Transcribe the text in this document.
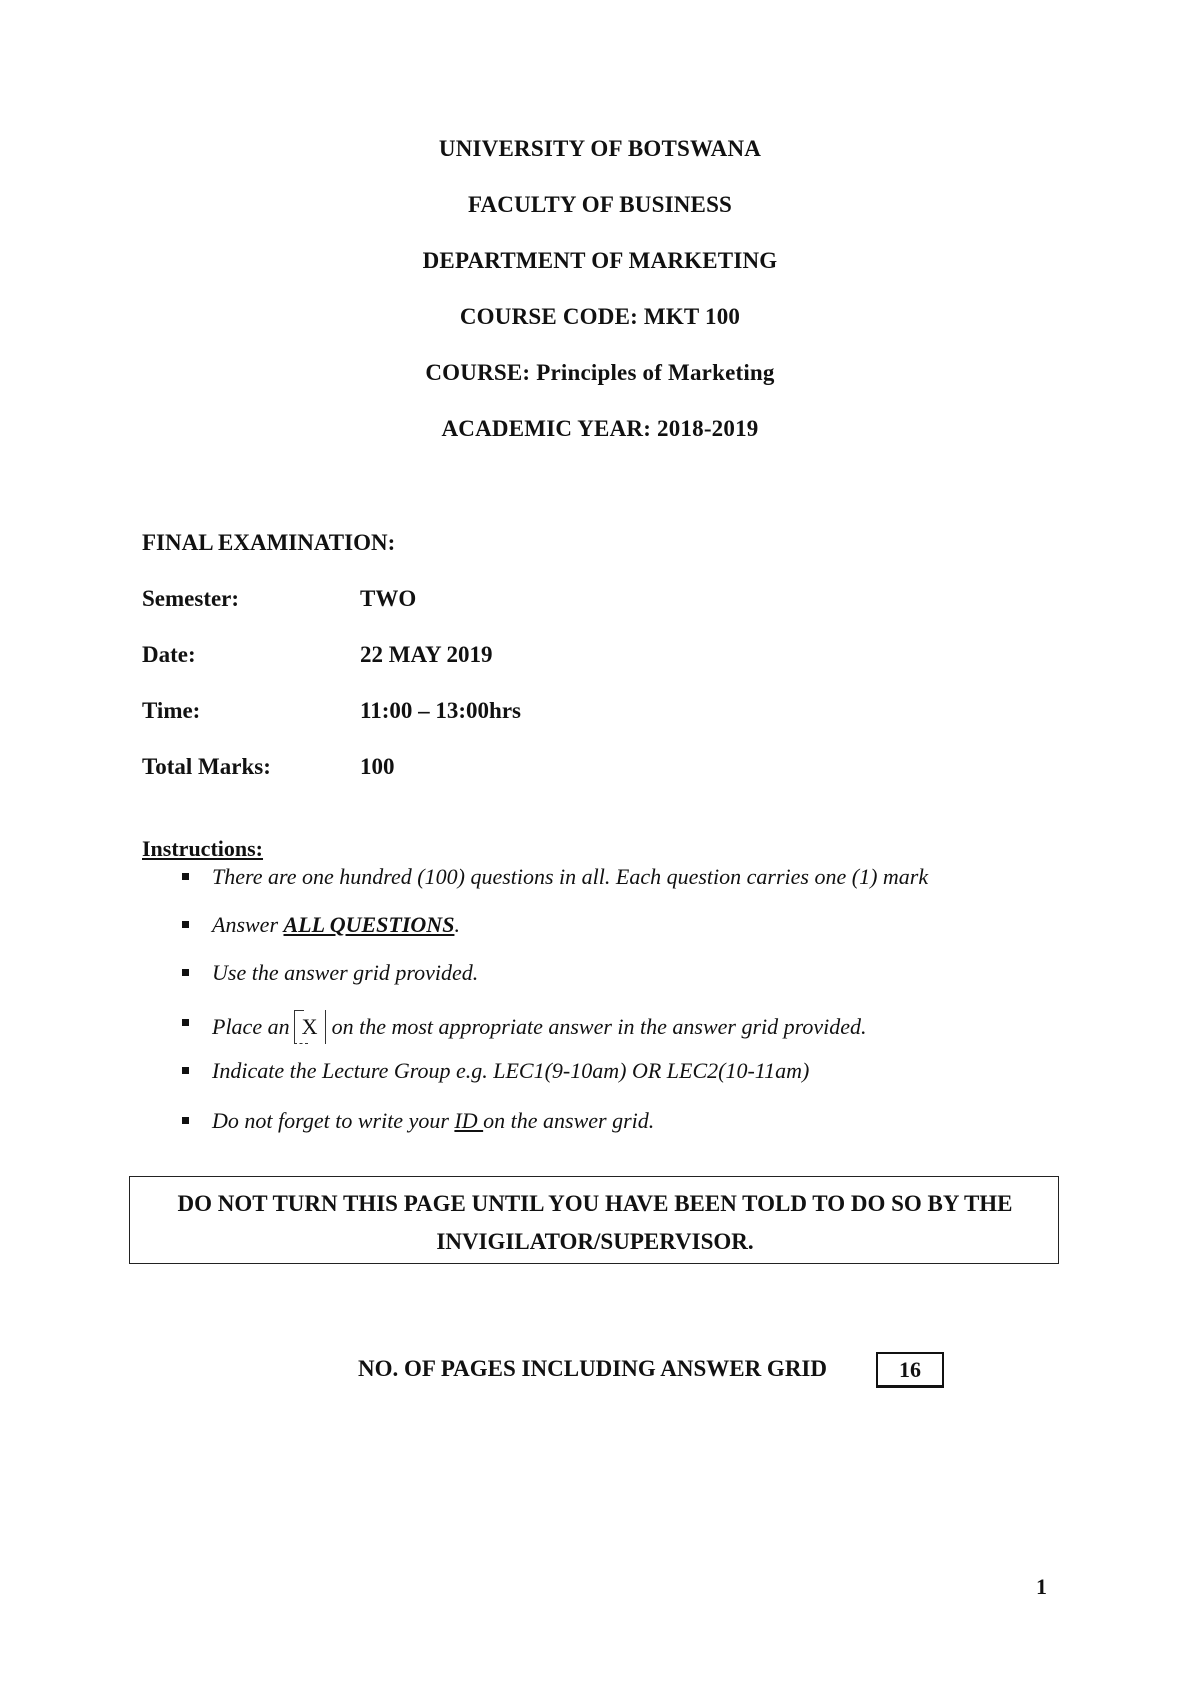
UNIVERSITY OF BOTSWANA
FACULTY OF BUSINESS
DEPARTMENT OF MARKETING
COURSE CODE: MKT 100
COURSE: Principles of Marketing
ACADEMIC YEAR: 2018-2019
FINAL EXAMINATION:
Semester:	TWO
Date:	22 MAY 2019
Time:	11:00 – 13:00hrs
Total Marks:	100
Instructions:
There are one hundred (100) questions in all. Each question carries one (1) mark
Answer ALL QUESTIONS.
Use the answer grid provided.
Place an X on the most appropriate answer in the answer grid provided.
Indicate the Lecture Group e.g. LEC1(9-10am) OR LEC2(10-11am)
Do not forget to write your ID on the answer grid.
DO NOT TURN THIS PAGE UNTIL YOU HAVE BEEN TOLD TO DO SO BY THE
INVIGILATOR/SUPERVISOR.
NO. OF PAGES INCLUDING ANSWER GRID	16
1
